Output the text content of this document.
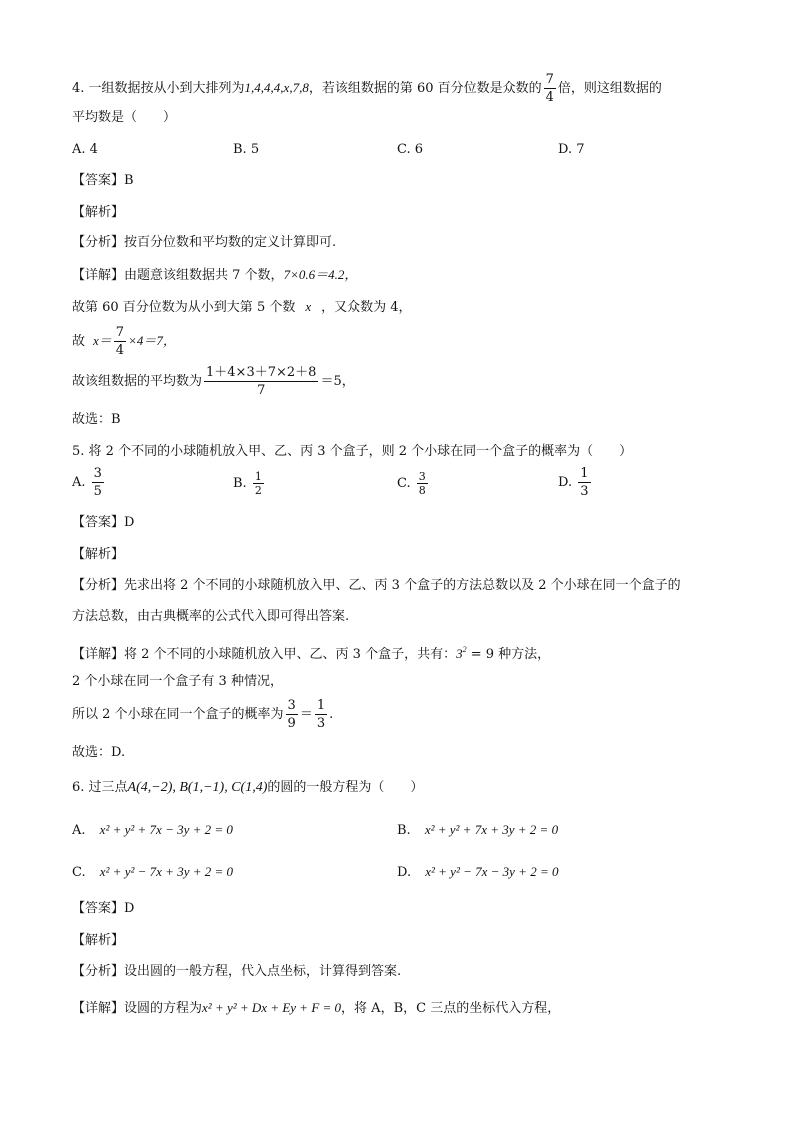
4. 一组数据按从小到大排列为1,4,4,4,x,7,8，若该组数据的第 60 百分位数是众数的 $\frac{7}{4}$ 倍，则这组数据的
平均数是（　　）
A. 4	B. 5	C. 6	D. 7
【答案】B
【解析】
【分析】按百分位数和平均数的定义计算即可.
【详解】由题意该组数据共 7 个数，7×0.6＝4.2，
故第 60 百分位数为从小到大第 5 个数 x ，又众数为 4，
故 $x= \frac{7}{4} \times 4=7$，
故该组数据的平均数为 $\frac{1+4\times 3+7\times 2+8}{7} =5$，
故选：B
5. 将 2 个不同的小球随机放入甲、乙、丙 3 个盒子，则 2 个小球在同一个盒子的概率为（　　）
A. $\frac{3}{5}$	B. $\frac{1}{2}$	C. $\frac{3}{8}$	D. $\frac{1}{3}$
【答案】D
【解析】
【分析】先求出将 2 个不同的小球随机放入甲、乙、丙 3 个盒子的方法总数以及 2 个小球在同一个盒子的
方法总数，由古典概率的公式代入即可得出答案.
【详解】将 2 个不同的小球随机放入甲、乙、丙 3 个盒子，共有：$3^2 = 9$ 种方法，
2 个小球在同一个盒子有 3 种情况，
所以 2 个小球在同一个盒子的概率为 $\frac{3}{9} = \frac{1}{3}$ .
故选：D.
6. 过三点A(4,−2), B(1,−1), C(1,4)的圆的一般方程为（　　）
A. x² + y² + 7x − 3y + 2 = 0	B. x² + y² + 7x + 3y + 2 = 0
C. x² + y² − 7x + 3y + 2 = 0	D. x² + y² − 7x − 3y + 2 = 0
【答案】D
【解析】
【分析】设出圆的一般方程，代入点坐标，计算得到答案.
【详解】设圆的方程为x² + y² + Dx + Ey + F = 0，将 A，B，C 三点的坐标代入方程，
